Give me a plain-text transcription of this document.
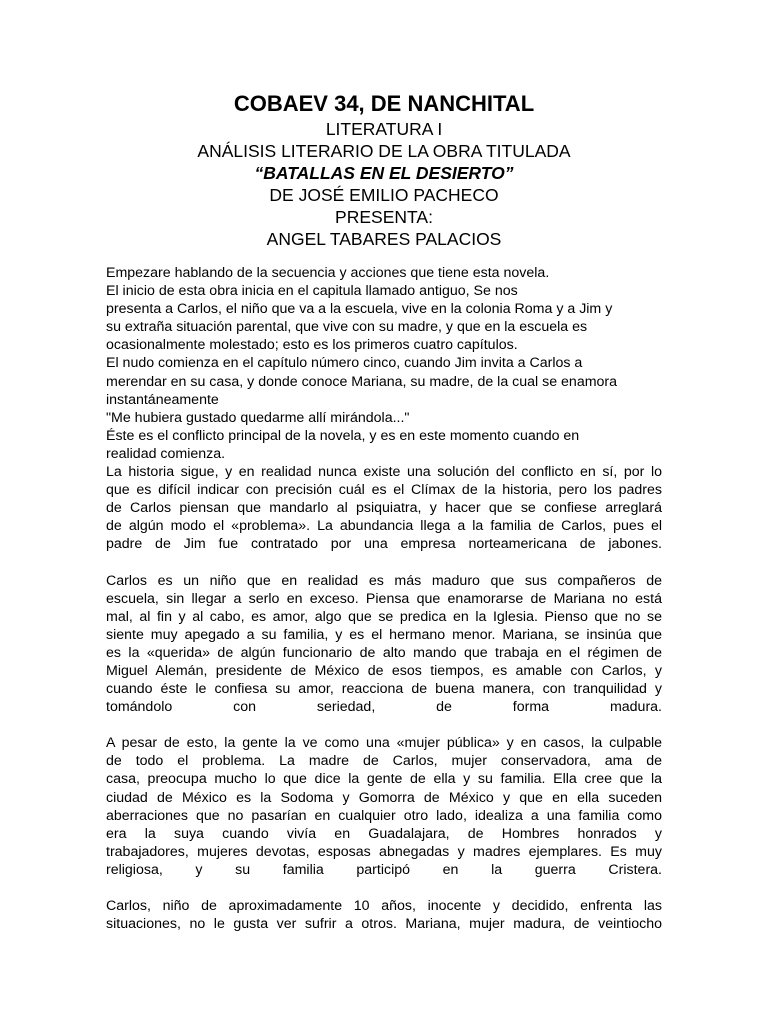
COBAEV 34, DE NANCHITAL

LITERATURA I

ANÁLISIS LITERARIO DE LA OBRA TITULADA

“BATALLAS EN EL DESIERTO”

DE JOSÉ EMILIO PACHECO

PRESENTA:

ANGEL TABARES PALACIOS

Empezare hablando de la secuencia y acciones que tiene esta novela.

El inicio de esta obra inicia en el capitula llamado antiguo, Se nos

presenta a Carlos, el niño que va a la escuela, vive en la colonia Roma y a Jim y

su extraña situación parental, que vive con su madre, y que en la escuela es

ocasionalmente molestado; esto es los primeros cuatro capítulos.

El nudo comienza en el capítulo número cinco, cuando Jim invita a Carlos a

merendar en su casa, y donde conoce Mariana, su madre, de la cual se enamora

instantáneamente

"Me hubiera gustado quedarme allí mirándola..."

Éste es el conflicto principal de la novela, y es en este momento cuando en

realidad comienza.

La historia sigue, y en realidad nunca existe una solución del conflicto en sí, por lo

que es difícil indicar con precisión cuál es el Clímax de la historia, pero los padres

de Carlos piensan que mandarlo al psiquiatra, y hacer que se confiese arreglará

de algún modo el «problema». La abundancia llega a la familia de Carlos, pues el

padre de Jim fue contratado por una empresa norteamericana de jabones.

Carlos es un niño que en realidad es más maduro que sus compañeros de

escuela, sin llegar a serlo en exceso. Piensa que enamorarse de Mariana no está

mal, al fin y al cabo, es amor, algo que se predica en la Iglesia. Pienso que no se

siente muy apegado a su familia, y es el hermano menor. Mariana, se insinúa que

es la «querida» de algún funcionario de alto mando que trabaja en el régimen de

Miguel Alemán, presidente de México de esos tiempos, es amable con Carlos, y

cuando éste le confiesa su amor, reacciona de buena manera, con tranquilidad y

tomándolo con seriedad, de forma madura.

A pesar de esto, la gente la ve como una «mujer pública» y en casos, la culpable

de todo el problema. La madre de Carlos, mujer conservadora, ama de

casa, preocupa mucho lo que dice la gente de ella y su familia. Ella cree que la

ciudad de México es la Sodoma y Gomorra de México y que en ella suceden

aberraciones que no pasarían en cualquier otro lado, idealiza a una familia como

era la suya cuando vivía en Guadalajara, de Hombres honrados y

trabajadores, mujeres devotas, esposas abnegadas y madres ejemplares. Es muy

religiosa, y su familia participó en la guerra Cristera.

Carlos, niño de aproximadamente 10 años, inocente y decidido, enfrenta las

situaciones, no le gusta ver sufrir a otros. Mariana, mujer madura, de veintiocho
